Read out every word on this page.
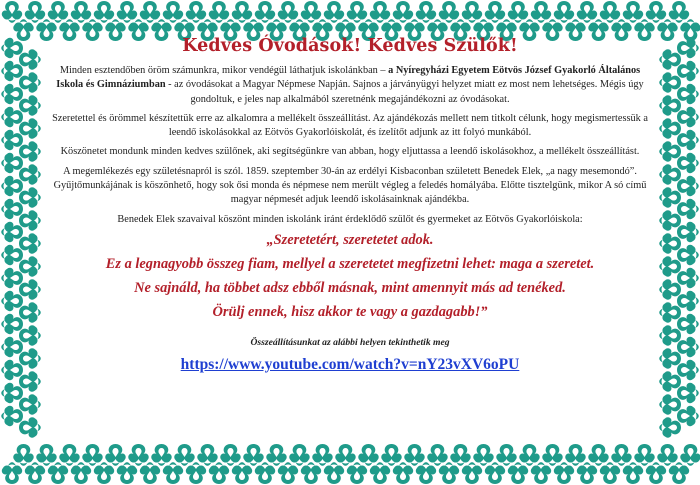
Kedves Óvodások! Kedves Szülők!

Minden esztendőben öröm számunkra, mikor vendégül láthatjuk iskolánkban – a Nyíregyházi Egyetem Eötvös József Gyakorló Általános Iskola és Gimnáziumban - az óvodásokat a Magyar Népmese Napján. Sajnos a járványügyi helyzet miatt ez most nem lehetséges. Mégis úgy gondoltuk, e jeles nap alkalmából szeretnénk megajándékozni az óvodásokat.

Szeretettel és örömmel készítettük erre az alkalomra a mellékelt összeállítást. Az ajándékozás mellett nem titkolt célunk, hogy megismertessük a leendő iskolásokkal az Eötvös Gyakorlóiskolát, és ízelítőt adjunk az itt folyó munkából.

Köszönetet mondunk minden kedves szülőnek, aki segítségünkre van abban, hogy eljuttassa a leendő iskolásokhoz, a mellékelt összeállítást.

A megemlékezés egy születésnapról is szól. 1859. szeptember 30-án az erdélyi Kisbaconban született Benedek Elek, „a nagy mesemondó”. Gyűjtőmunkájának is köszönhető, hogy sok ősi monda és népmese nem merült végleg a feledés homályába. Előtte tisztelgünk, mikor A só című magyar népmesét adjuk leendő iskolásainknak ajándékba.

Benedek Elek szavaival köszönt minden iskolánk iránt érdeklődő szülőt és gyermeket az Eötvös Gyakorlóiskola:

„Szeretetért, szeretetet adok.
Ez a legnagyobb összeg fiam, mellyel a szeretetet megfizetni lehet: maga a szeretet.
Ne sajnáld, ha többet adsz ebből másnak, mint amennyit más ad tenéked.
Örülj ennek, hisz akkor te vagy a gazdagabb!”
Összeállításunkat az alábbi helyen tekinthetik meg
https://www.youtube.com/watch?v=nY23vXV6oPU
